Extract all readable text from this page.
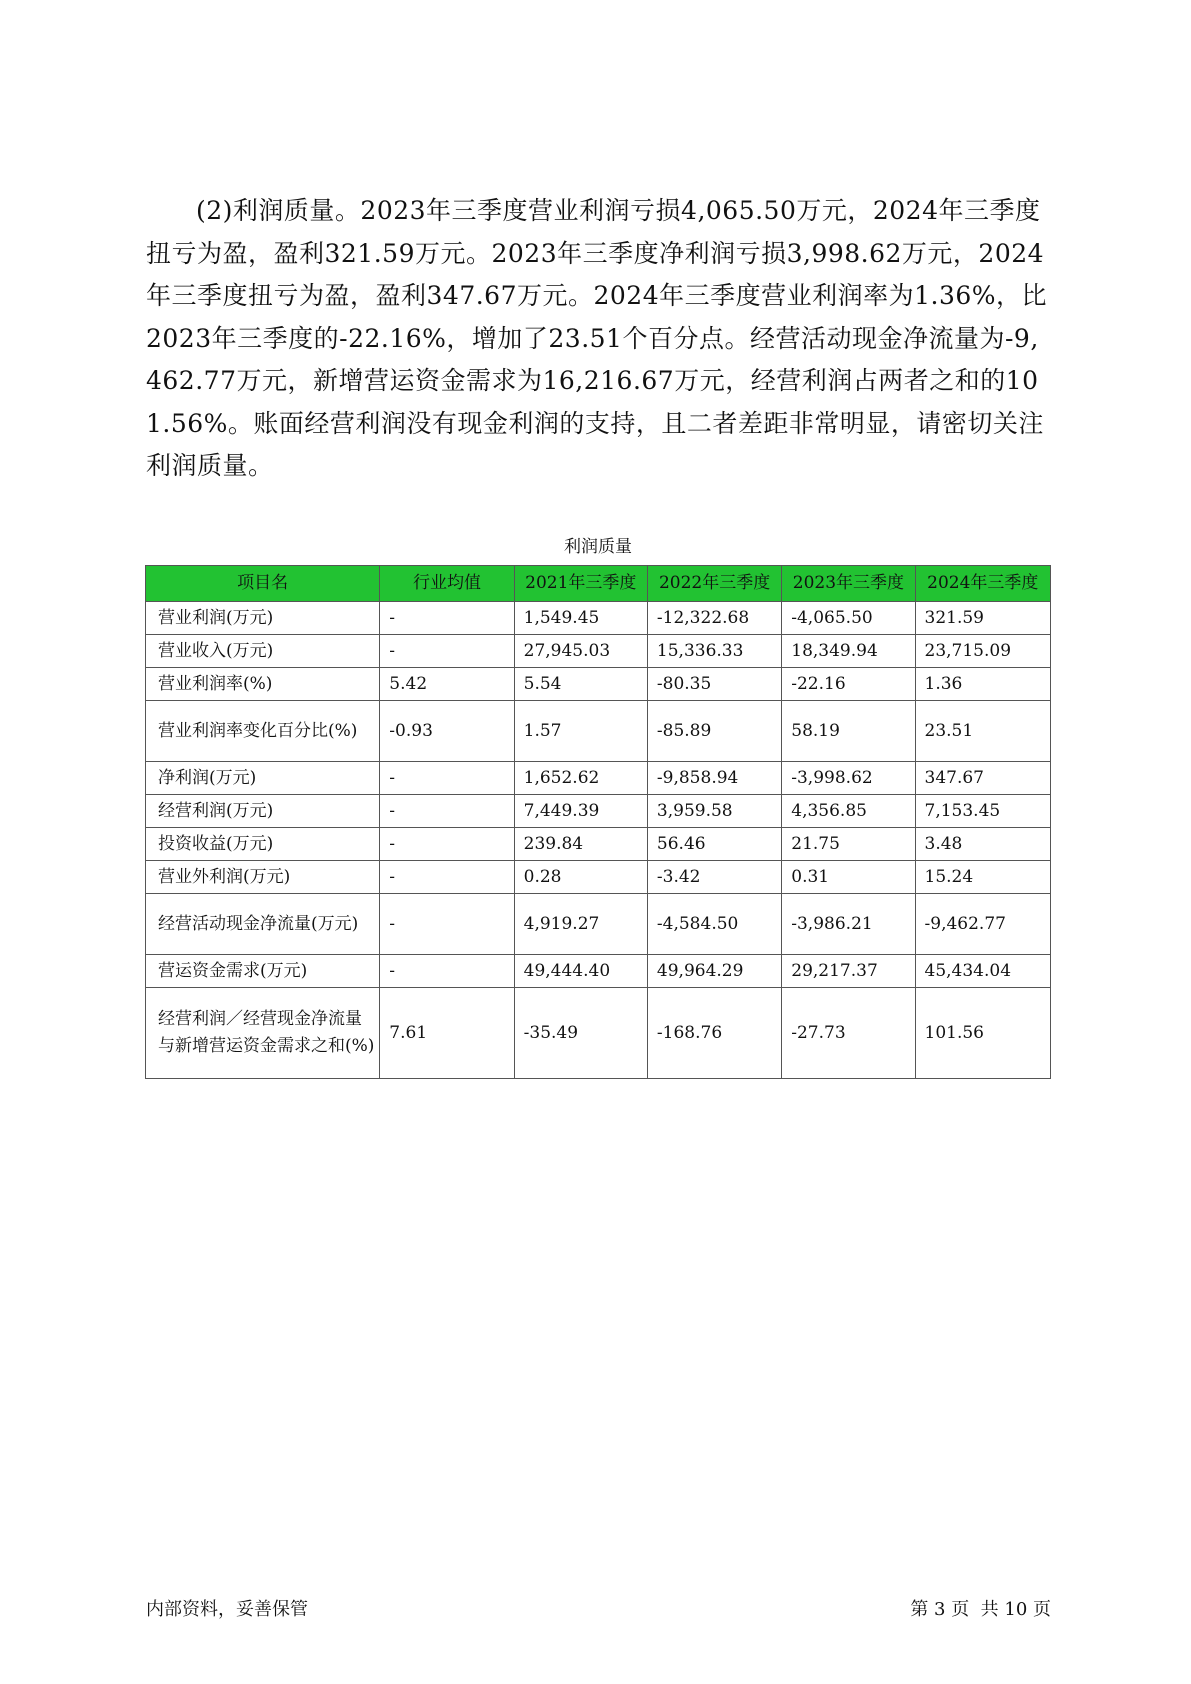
(2)利润质量。2023年三季度营业利润亏损4,065.50万元，2024年三季度扭亏为盈，盈利321.59万元。2023年三季度净利润亏损3,998.62万元，2024年三季度扭亏为盈，盈利347.67万元。2024年三季度营业利润率为1.36%，比2023年三季度的-22.16%，增加了23.51个百分点。经营活动现金净流量为-9,462.77万元，新增营运资金需求为16,216.67万元，经营利润占两者之和的101.56%。账面经营利润没有现金利润的支持，且二者差距非常明显，请密切关注利润质量。

利润质量
项目名	行业均值	2021年三季度	2022年三季度	2023年三季度	2024年三季度
营业利润(万元)	-	1,549.45	-12,322.68	-4,065.50	321.59
营业收入(万元)	-	27,945.03	15,336.33	18,349.94	23,715.09
营业利润率(%)	5.42	5.54	-80.35	-22.16	1.36
营业利润率变化百分比(%)	-0.93	1.57	-85.89	58.19	23.51
净利润(万元)	-	1,652.62	-9,858.94	-3,998.62	347.67
经营利润(万元)	-	7,449.39	3,959.58	4,356.85	7,153.45
投资收益(万元)	-	239.84	56.46	21.75	3.48
营业外利润(万元)	-	0.28	-3.42	0.31	15.24
经营活动现金净流量(万元)	-	4,919.27	-4,584.50	-3,986.21	-9,462.77
营运资金需求(万元)	-	49,444.40	49,964.29	29,217.37	45,434.04
经营利润／经营现金净流量与新增营运资金需求之和(%)	7.61	-35.49	-168.76	-27.73	101.56
内部资料，妥善保管	第 3 页  共 10 页
